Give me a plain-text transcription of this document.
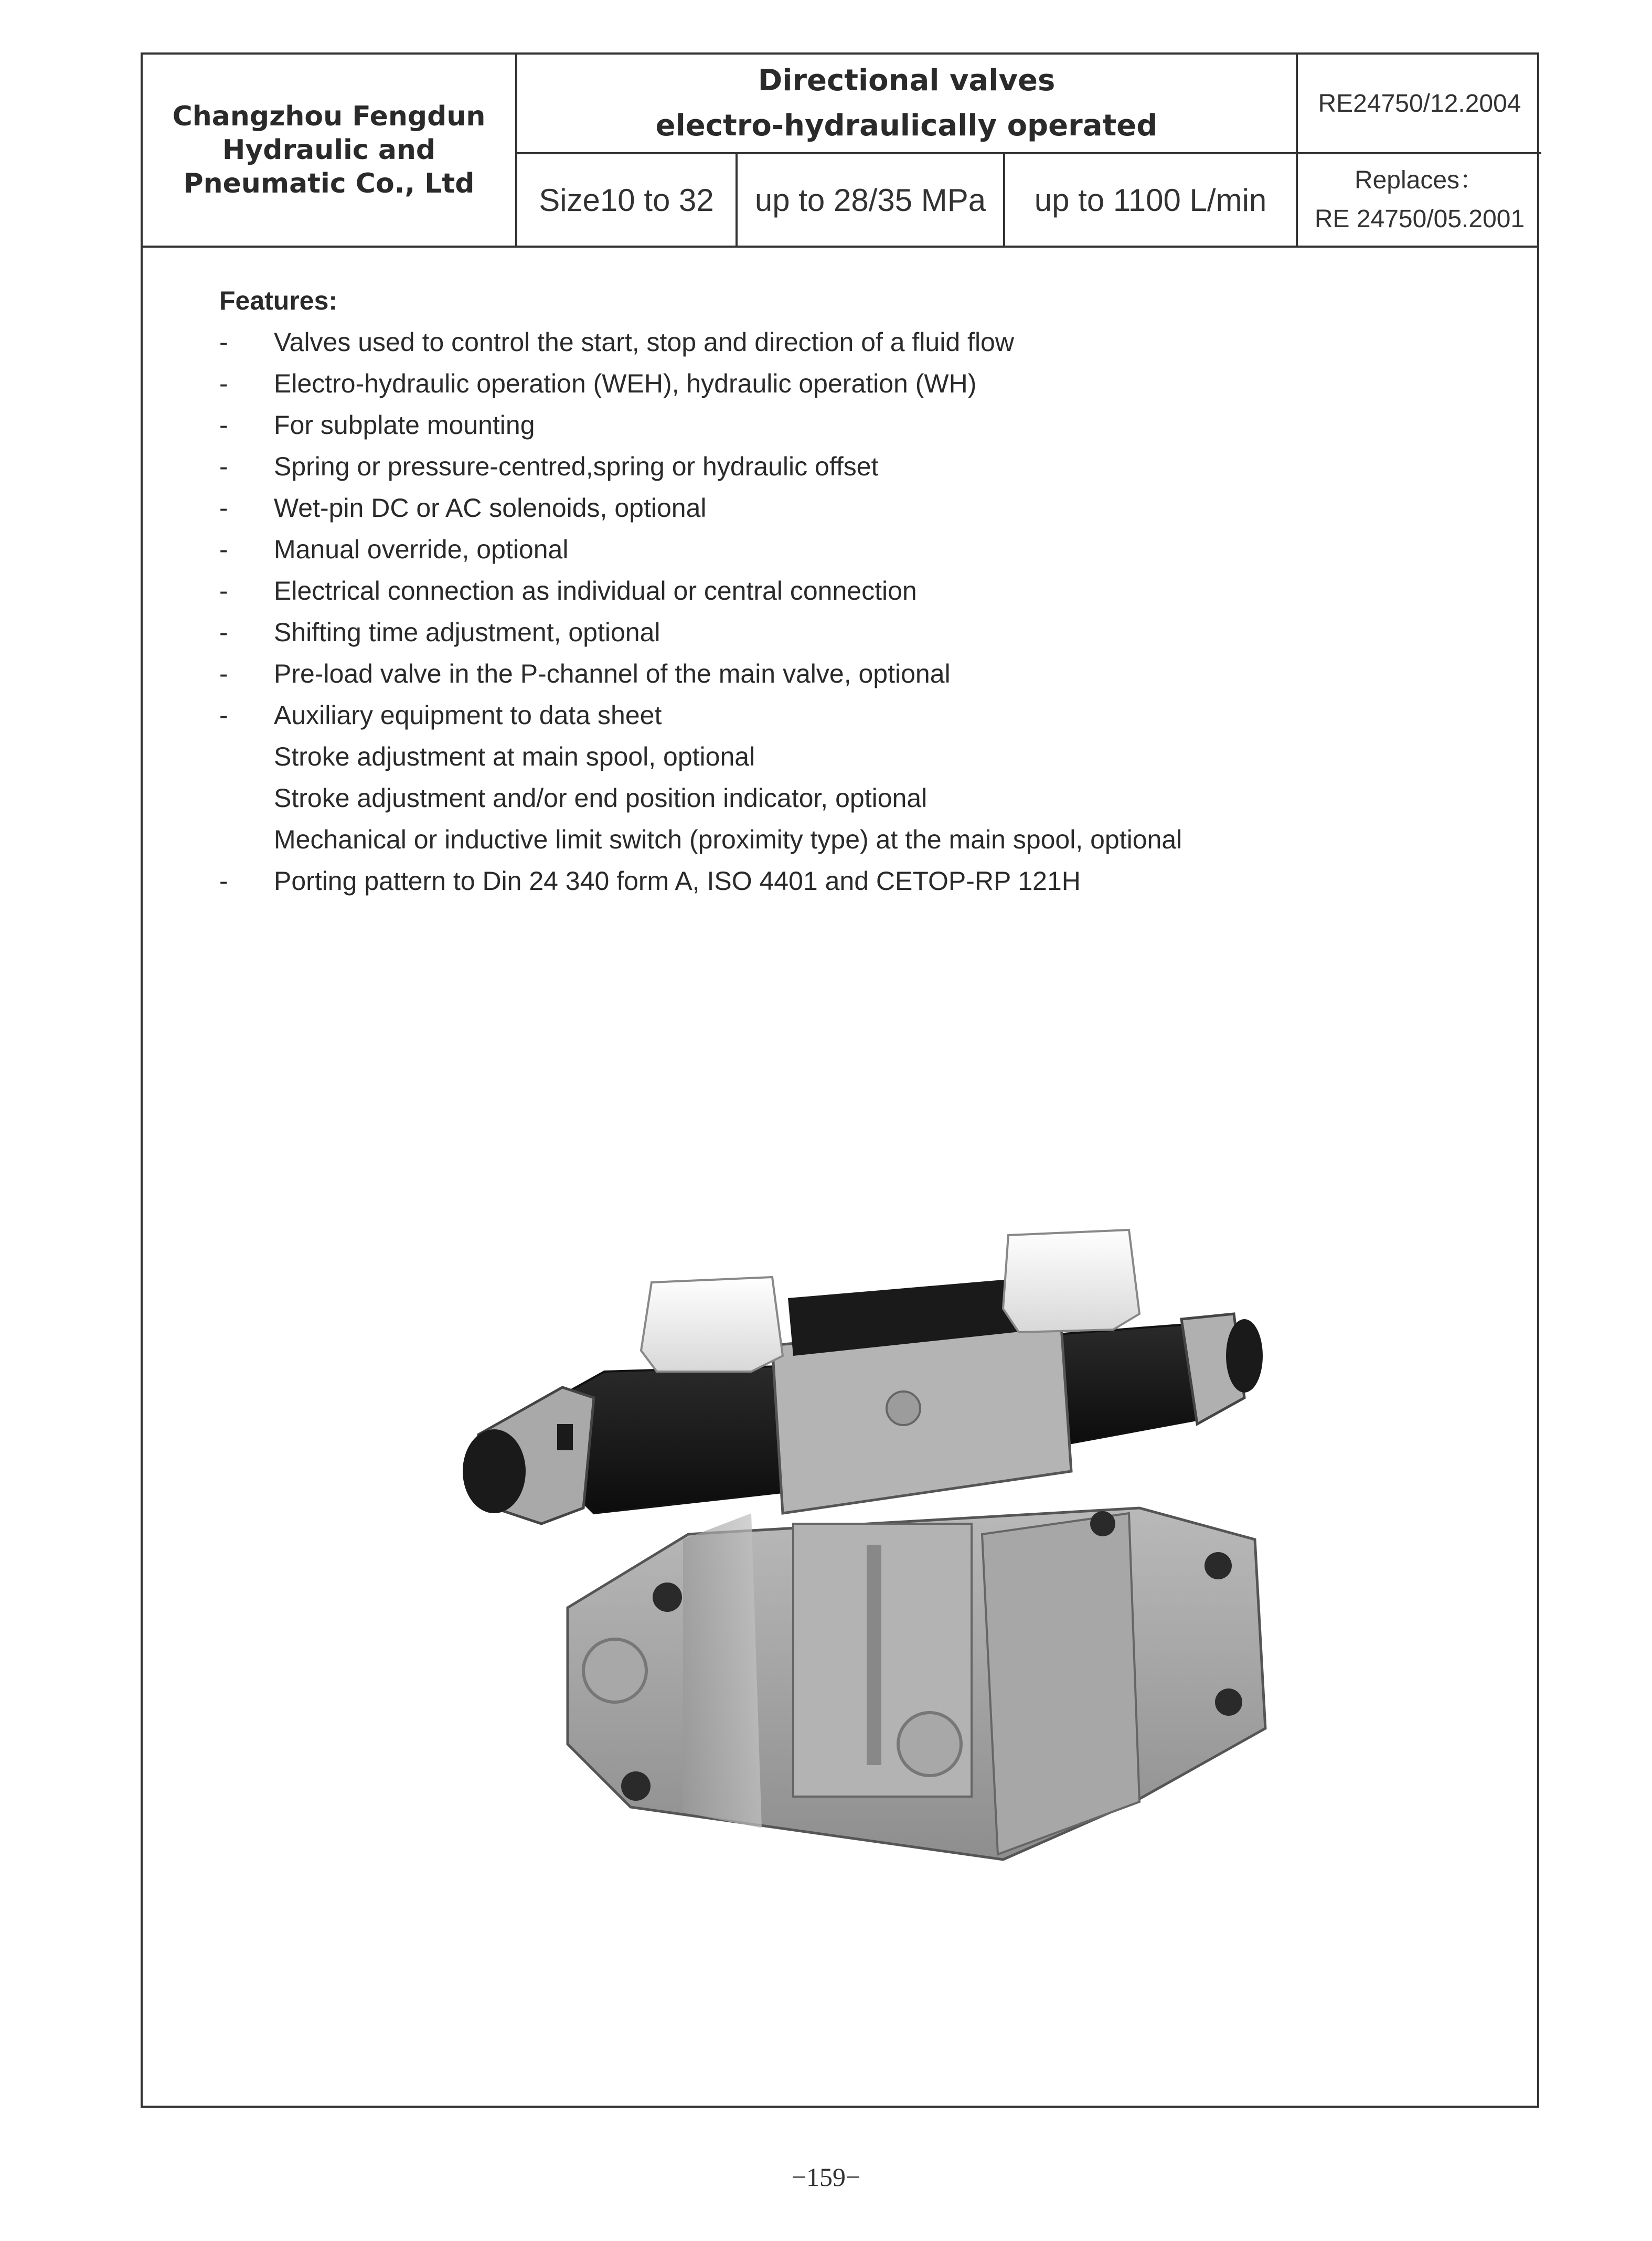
Changzhou Fengdun
Hydraulic and
Pneumatic Co., Ltd
Directional valves
electro-hydraulically operated
RE24750/12.2004
Size10 to 32	up to 28/35 MPa	up to 1100 L/min
Replaces：
RE 24750/05.2001
Features:
-	Valves used to control the start, stop and direction of a fluid flow
-	Electro-hydraulic operation (WEH), hydraulic operation (WH)
-	For subplate mounting
-	Spring or pressure-centred,spring or hydraulic offset
-	Wet-pin DC or AC solenoids, optional
-	Manual override, optional
-	Electrical connection as individual or central connection
-	Shifting time adjustment, optional
-	Pre-load valve in the P-channel of the main valve, optional
-	Auxiliary equipment to data sheet
Stroke adjustment at main spool, optional
Stroke adjustment and/or end position indicator, optional
Mechanical or inductive limit switch (proximity type) at the main spool, optional
-	Porting pattern to Din 24 340 form A, ISO 4401 and CETOP-RP 121H
−159−
